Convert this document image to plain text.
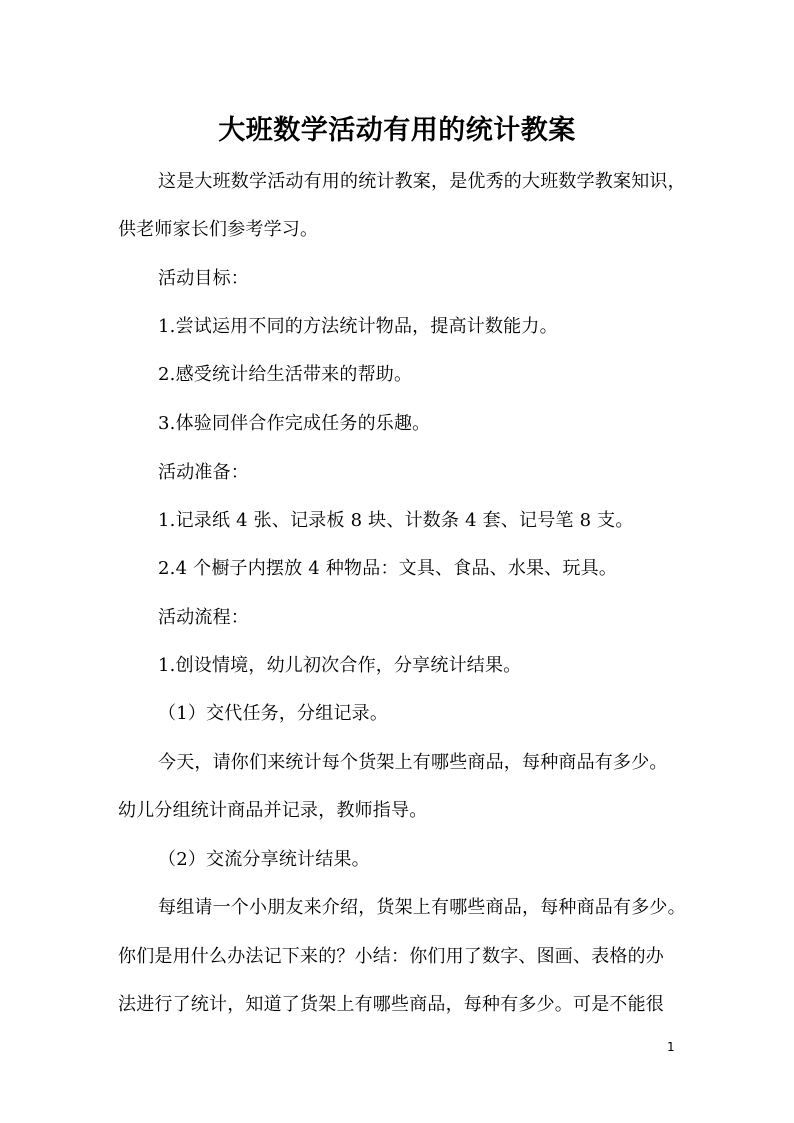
大班数学活动有用的统计教案

这是大班数学活动有用的统计教案，是优秀的大班数学教案知识，

供老师家长们参考学习。

活动目标：

1.尝试运用不同的方法统计物品，提高计数能力。

2.感受统计给生活带来的帮助。

3.体验同伴合作完成任务的乐趣。

活动准备：

1.记录纸 4 张、记录板 8 块、计数条 4 套、记号笔 8 支。

2.4 个橱子内摆放 4 种物品：文具、食品、水果、玩具。

活动流程：

1.创设情境，幼儿初次合作，分享统计结果。

（1）交代任务，分组记录。

今天，请你们来统计每个货架上有哪些商品，每种商品有多少。

幼儿分组统计商品并记录，教师指导。

（2）交流分享统计结果。

每组请一个小朋友来介绍，货架上有哪些商品，每种商品有多少。

你们是用什么办法记下来的？小结：你们用了数字、图画、表格的办

法进行了统计，知道了货架上有哪些商品，每种有多少。可是不能很

1
